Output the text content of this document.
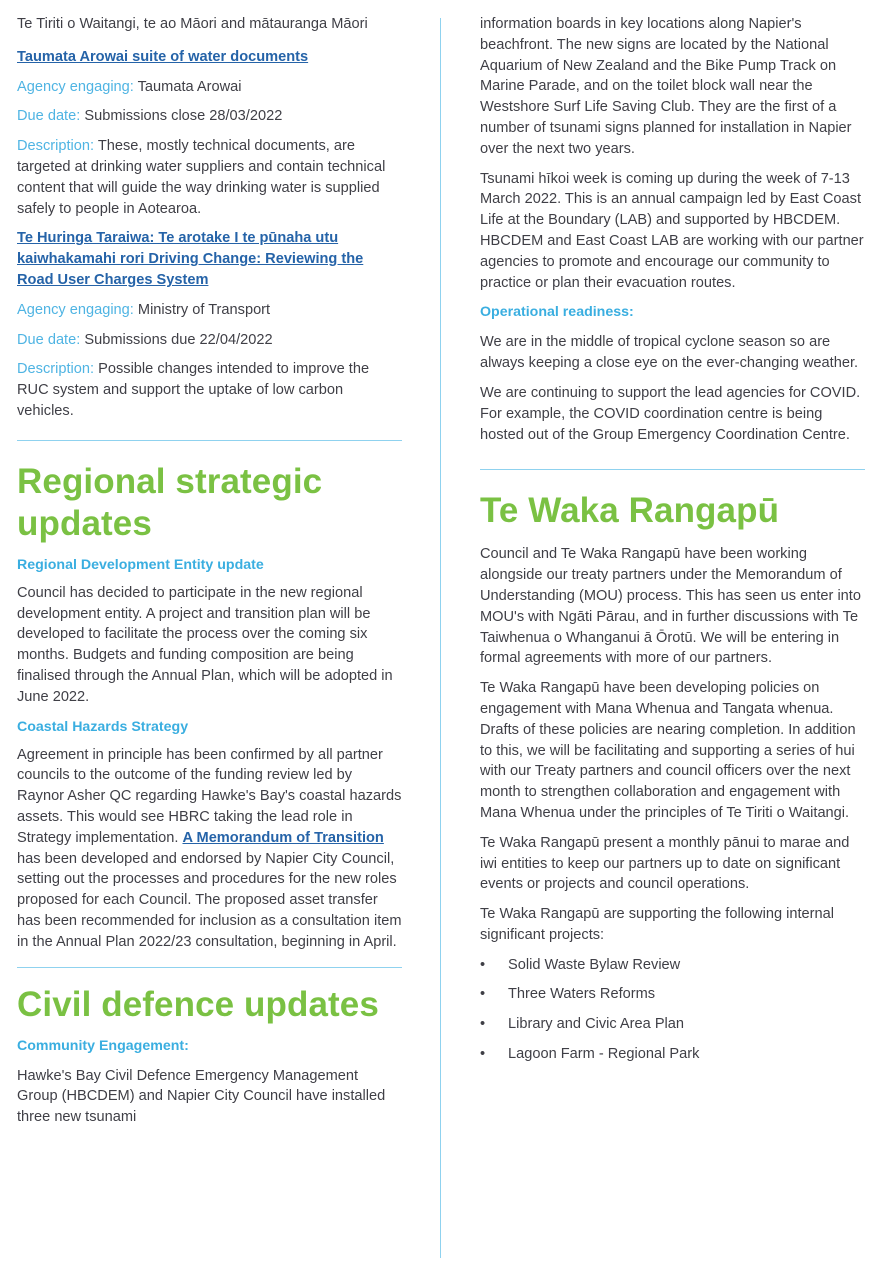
Te Tiriti o Waitangi, te ao Māori and mātauranga Māori

Taumata Arowai suite of water documents

Agency engaging: Taumata Arowai

Due date: Submissions close 28/03/2022

Description: These, mostly technical documents, are targeted at drinking water suppliers and contain technical content that will guide the way drinking water is supplied safely to people in Aotearoa.

Te Huringa Taraiwa: Te arotake I te pūnaha utu kaiwhakamahi rori Driving Change: Reviewing the Road User Charges System

Agency engaging: Ministry of Transport

Due date: Submissions due 22/04/2022

Description: Possible changes intended to improve the RUC system and support the uptake of low carbon vehicles.

Regional strategic updates
Regional Development Entity update

Council has decided to participate in the new regional development entity. A project and transition plan will be developed to facilitate the process over the coming six months. Budgets and funding composition are being finalised through the Annual Plan, which will be adopted in June 2022.

Coastal Hazards Strategy

Agreement in principle has been confirmed by all partner councils to the outcome of the funding review led by Raynor Asher QC regarding Hawke's Bay's coastal hazards assets. This would see HBRC taking the lead role in Strategy implementation. A Memorandum of Transition has been developed and endorsed by Napier City Council, setting out the processes and procedures for the new roles proposed for each Council. The proposed asset transfer has been recommended for inclusion as a consultation item in the Annual Plan 2022/23 consultation, beginning in April.

Civil defence updates
Community Engagement:

Hawke's Bay Civil Defence Emergency Management Group (HBCDEM) and Napier City Council have installed three new tsunami

information boards in key locations along Napier's beachfront. The new signs are located by the National Aquarium of New Zealand and the Bike Pump Track on Marine Parade, and on the toilet block wall near the Westshore Surf Life Saving Club. They are the first of a number of tsunami signs planned for installation in Napier over the next two years.

Tsunami hīkoi week is coming up during the week of 7-13 March 2022. This is an annual campaign led by East Coast Life at the Boundary (LAB) and supported by HBCDEM. HBCDEM and East Coast LAB are working with our partner agencies to promote and encourage our community to practice or plan their evacuation routes.

Operational readiness:

We are in the middle of tropical cyclone season so are always keeping a close eye on the ever-changing weather.

We are continuing to support the lead agencies for COVID. For example, the COVID coordination centre is being hosted out of the Group Emergency Coordination Centre.

Te Waka Rangapū

Council and Te Waka Rangapū have been working alongside our treaty partners under the Memorandum of Understanding (MOU) process. This has seen us enter into MOU's with Ngāti Pārau, and in further discussions with Te Taiwhenua o Whanganui ā Ōrotū. We will be entering in formal agreements with more of our partners.

Te Waka Rangapū have been developing policies on engagement with Mana Whenua and Tangata whenua. Drafts of these policies are nearing completion. In addition to this, we will be facilitating and supporting a series of hui with our Treaty partners and council officers over the next month to strengthen collaboration and engagement with Mana Whenua under the principles of Te Tiriti o Waitangi.

Te Waka Rangapū present a monthly pānui to marae and iwi entities to keep our partners up to date on significant events or projects and council operations.

Te Waka Rangapū are supporting the following internal significant projects:

• Solid Waste Bylaw Review
• Three Waters Reforms
• Library and Civic Area Plan
• Lagoon Farm - Regional Park
